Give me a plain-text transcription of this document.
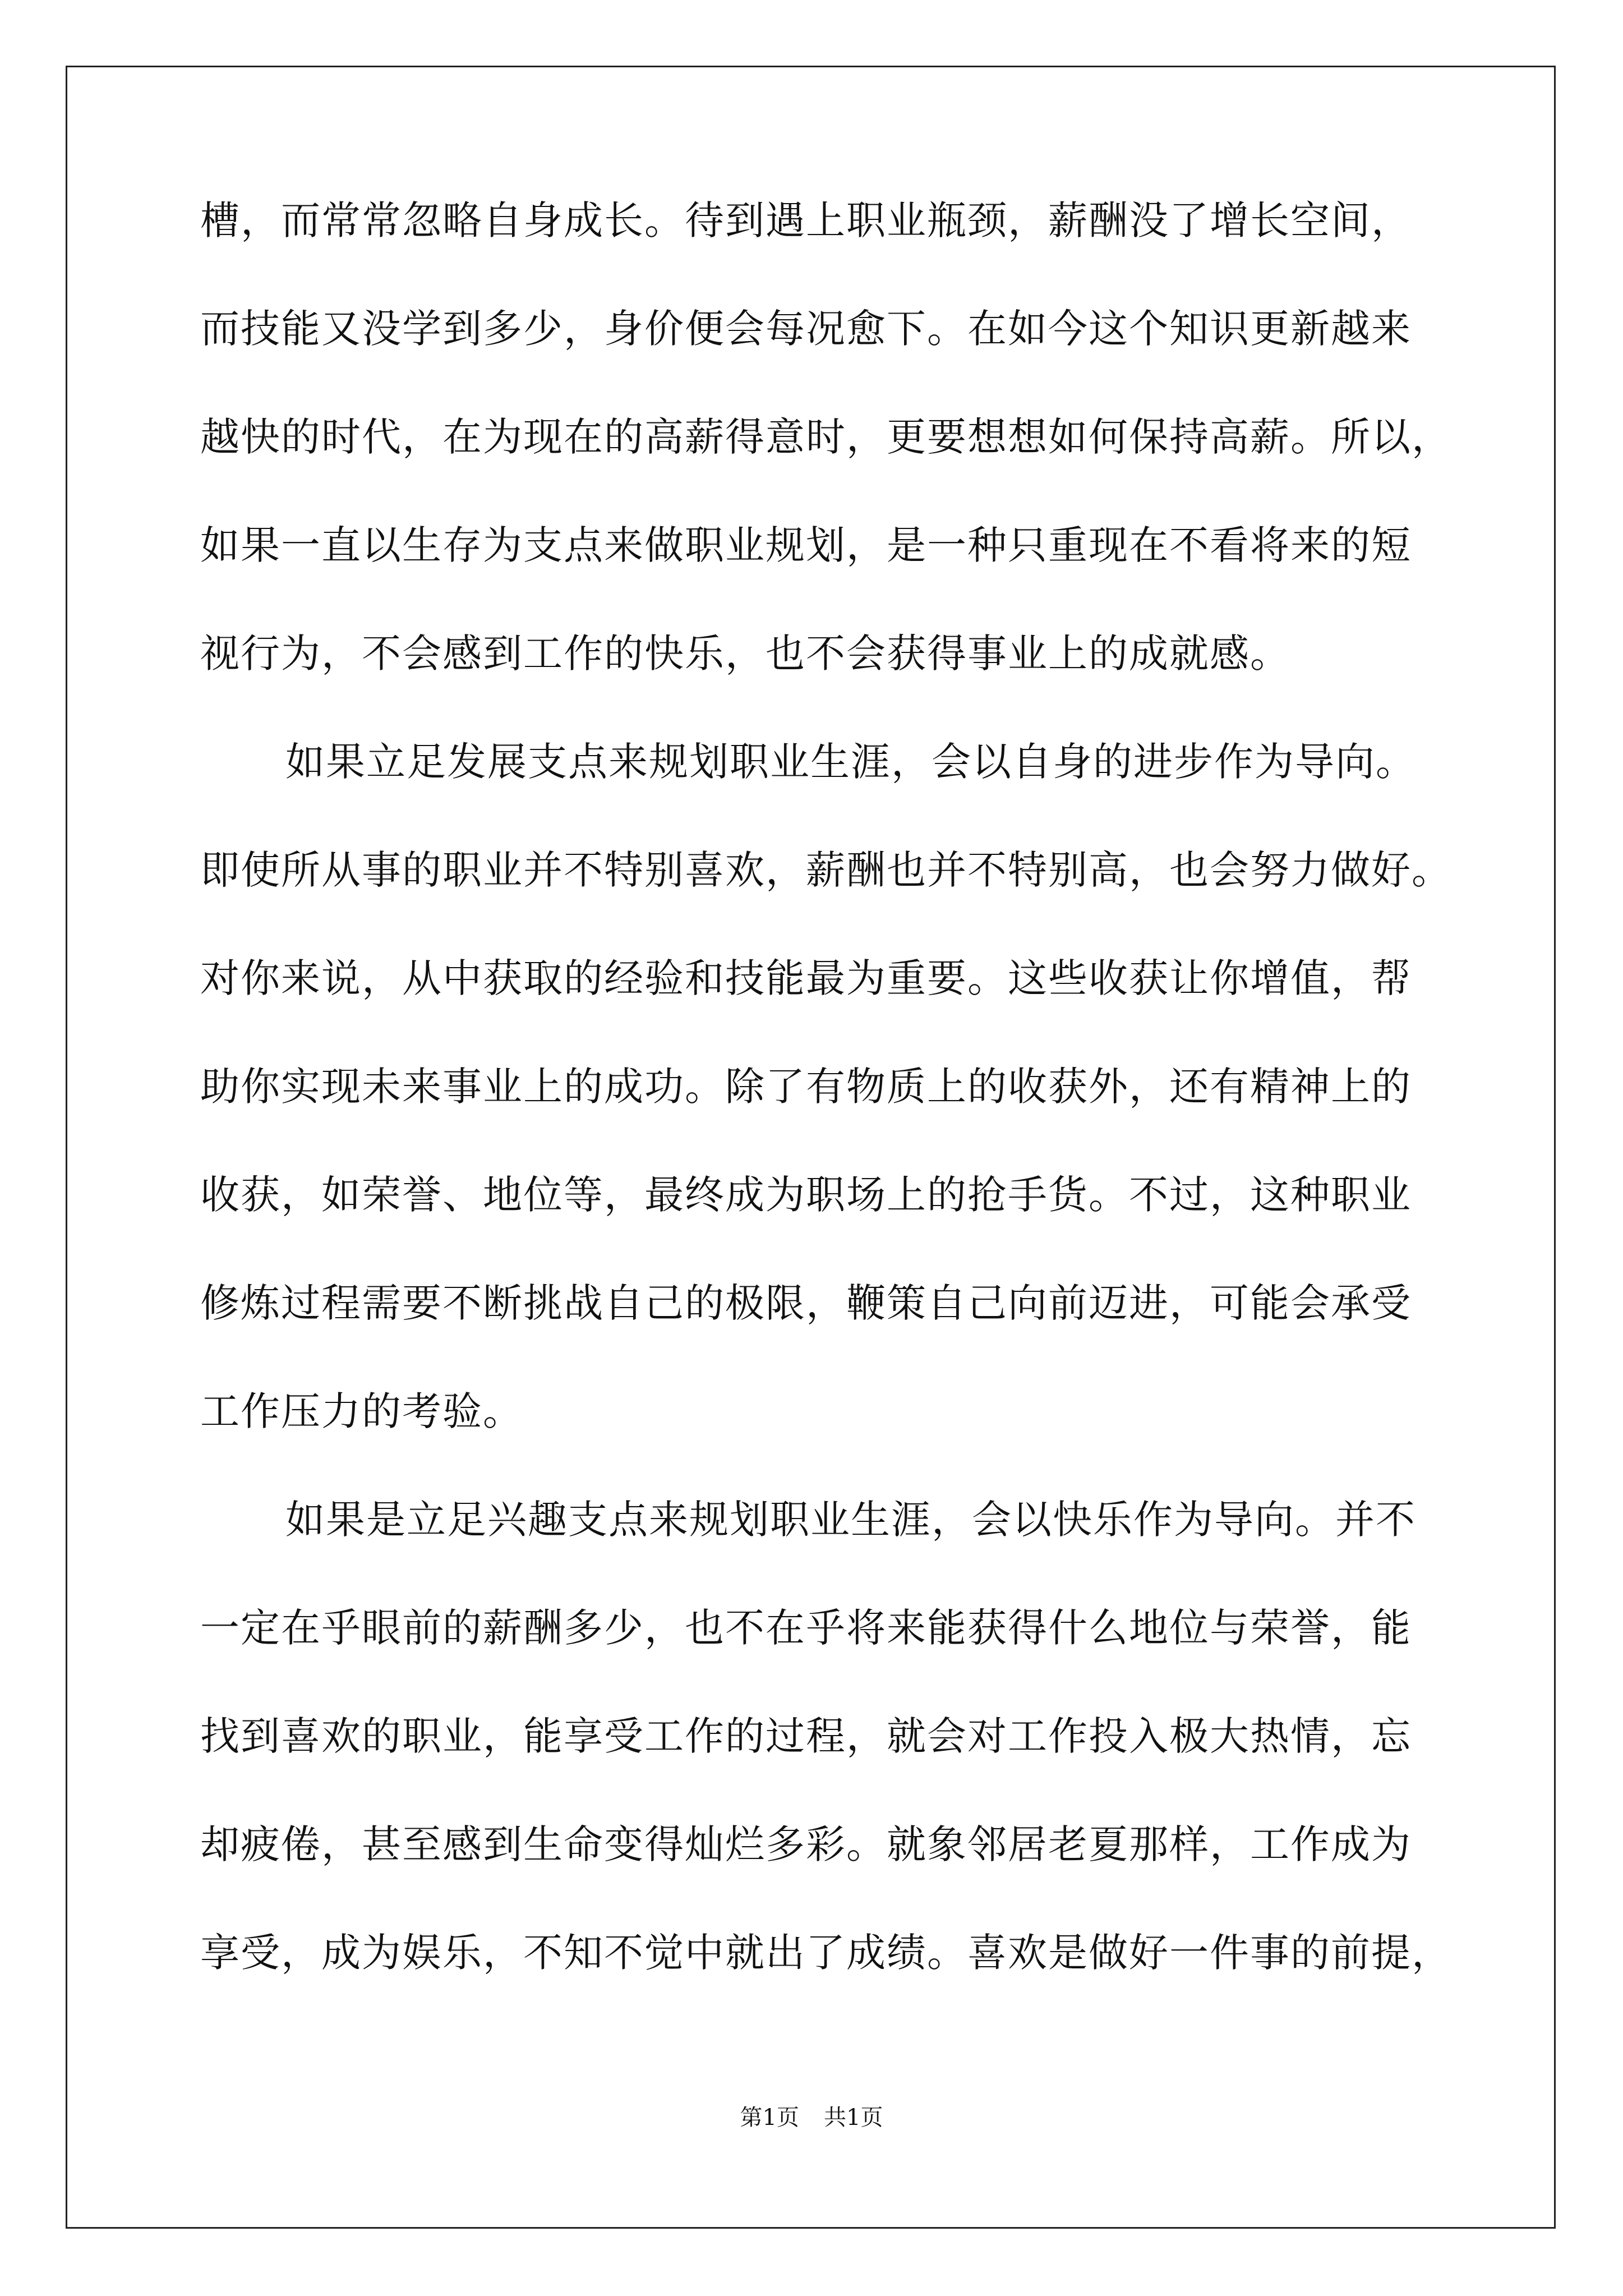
槽，而常常忽略自身成长。待到遇上职业瓶颈，薪酬没了增长空间，
而技能又没学到多少，身价便会每况愈下。在如今这个知识更新越来
越快的时代，在为现在的高薪得意时，更要想想如何保持高薪。所以，
如果一直以生存为支点来做职业规划，是一种只重现在不看将来的短
视行为，不会感到工作的快乐，也不会获得事业上的成就感。
如果立足发展支点来规划职业生涯，会以自身的进步作为导向。
即使所从事的职业并不特别喜欢，薪酬也并不特别高，也会努力做好。
对你来说，从中获取的经验和技能最为重要。这些收获让你增值，帮
助你实现未来事业上的成功。除了有物质上的收获外，还有精神上的
收获，如荣誉、地位等，最终成为职场上的抢手货。不过，这种职业
修炼过程需要不断挑战自己的极限，鞭策自己向前迈进，可能会承受
工作压力的考验。
如果是立足兴趣支点来规划职业生涯，会以快乐作为导向。并不
一定在乎眼前的薪酬多少，也不在乎将来能获得什么地位与荣誉，能
找到喜欢的职业，能享受工作的过程，就会对工作投入极大热情，忘
却疲倦，甚至感到生命变得灿烂多彩。就象邻居老夏那样，工作成为
享受，成为娱乐，不知不觉中就出了成绩。喜欢是做好一件事的前提，
第1页 共1页
